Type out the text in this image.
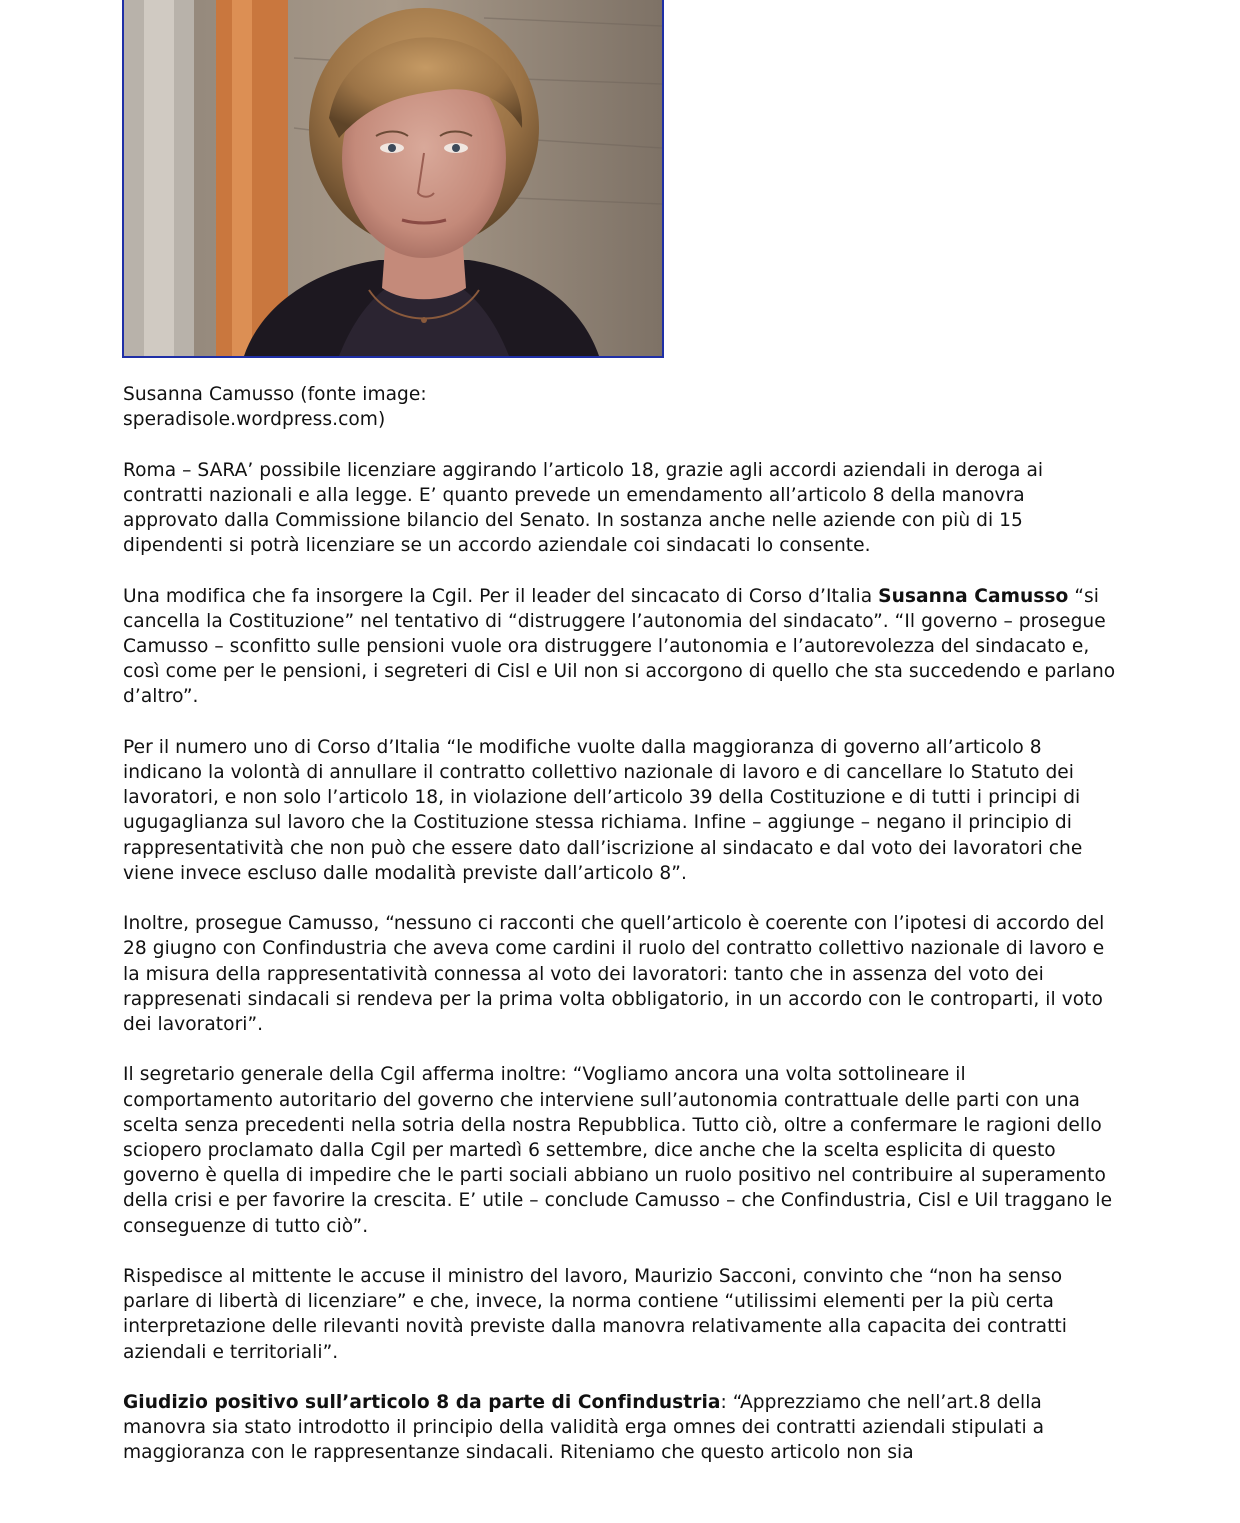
Susanna Camusso (fonte image:
speradisole.wordpress.com)

Roma – SARA’ possibile licenziare aggirando l’articolo 18, grazie agli accordi aziendali in deroga ai contratti nazionali e alla legge. E’ quanto prevede un emendamento all’articolo 8 della manovra approvato dalla Commissione bilancio del Senato. In sostanza anche nelle aziende con più di 15 dipendenti si potrà licenziare se un accordo aziendale coi sindacati lo consente.

Una modifica che fa insorgere la Cgil. Per il leader del sincacato di Corso d’Italia Susanna Camusso “si cancella la Costituzione” nel tentativo di “distruggere l’autonomia del sindacato”. “Il governo – prosegue Camusso – sconfitto sulle pensioni vuole ora distruggere l’autonomia e l’autorevolezza del sindacato e, così come per le pensioni, i segreteri di Cisl e Uil non si accorgono di quello che sta succedendo e parlano d’altro”.

Per il numero uno di Corso d’Italia “le modifiche vuolte dalla maggioranza di governo all’articolo 8 indicano la volontà di annullare il contratto collettivo nazionale di lavoro e di cancellare lo Statuto dei lavoratori, e non solo l’articolo 18, in violazione dell’articolo 39 della Costituzione e di tutti i principi di ugugaglianza sul lavoro che la Costituzione stessa richiama. Infine – aggiunge – negano il principio di rappresentatività che non può che essere dato dall’iscrizione al sindacato e dal voto dei lavoratori che viene invece escluso dalle modalità previste dall’articolo 8”.

Inoltre, prosegue Camusso, “nessuno ci racconti che quell’articolo è coerente con l’ipotesi di accordo del 28 giugno con Confindustria che aveva come cardini il ruolo del contratto collettivo nazionale di lavoro e la misura della rappresentatività connessa al voto dei lavoratori: tanto che in assenza del voto dei rappresenati sindacali si rendeva per la prima volta obbligatorio, in un accordo con le controparti, il voto dei lavoratori”.

Il segretario generale della Cgil afferma inoltre: “Vogliamo ancora una volta sottolineare il comportamento autoritario del governo che interviene sull’autonomia contrattuale delle parti con una scelta senza precedenti nella sotria della nostra Repubblica. Tutto ciò, oltre a confermare le ragioni dello sciopero proclamato dalla Cgil per martedì 6 settembre, dice anche che la scelta esplicita di questo governo è quella di impedire che le parti sociali abbiano un ruolo positivo nel contribuire al superamento della crisi e per favorire la crescita. E’ utile – conclude Camusso – che Confindustria, Cisl e Uil traggano le conseguenze di tutto ciò”.

Rispedisce al mittente le accuse il ministro del lavoro, Maurizio Sacconi, convinto che “non ha senso parlare di libertà di licenziare” e che, invece, la norma contiene “utilissimi elementi per la più certa interpretazione delle rilevanti novità previste dalla manovra relativamente alla capacita dei contratti aziendali e territoriali”.

Giudizio positivo sull’articolo 8 da parte di Confindustria: “Apprezziamo che nell’art.8 della manovra sia stato introdotto il principio della validità erga omnes dei contratti aziendali stipulati a maggioranza con le rappresentanze sindacali. Riteniamo che questo articolo non sia
